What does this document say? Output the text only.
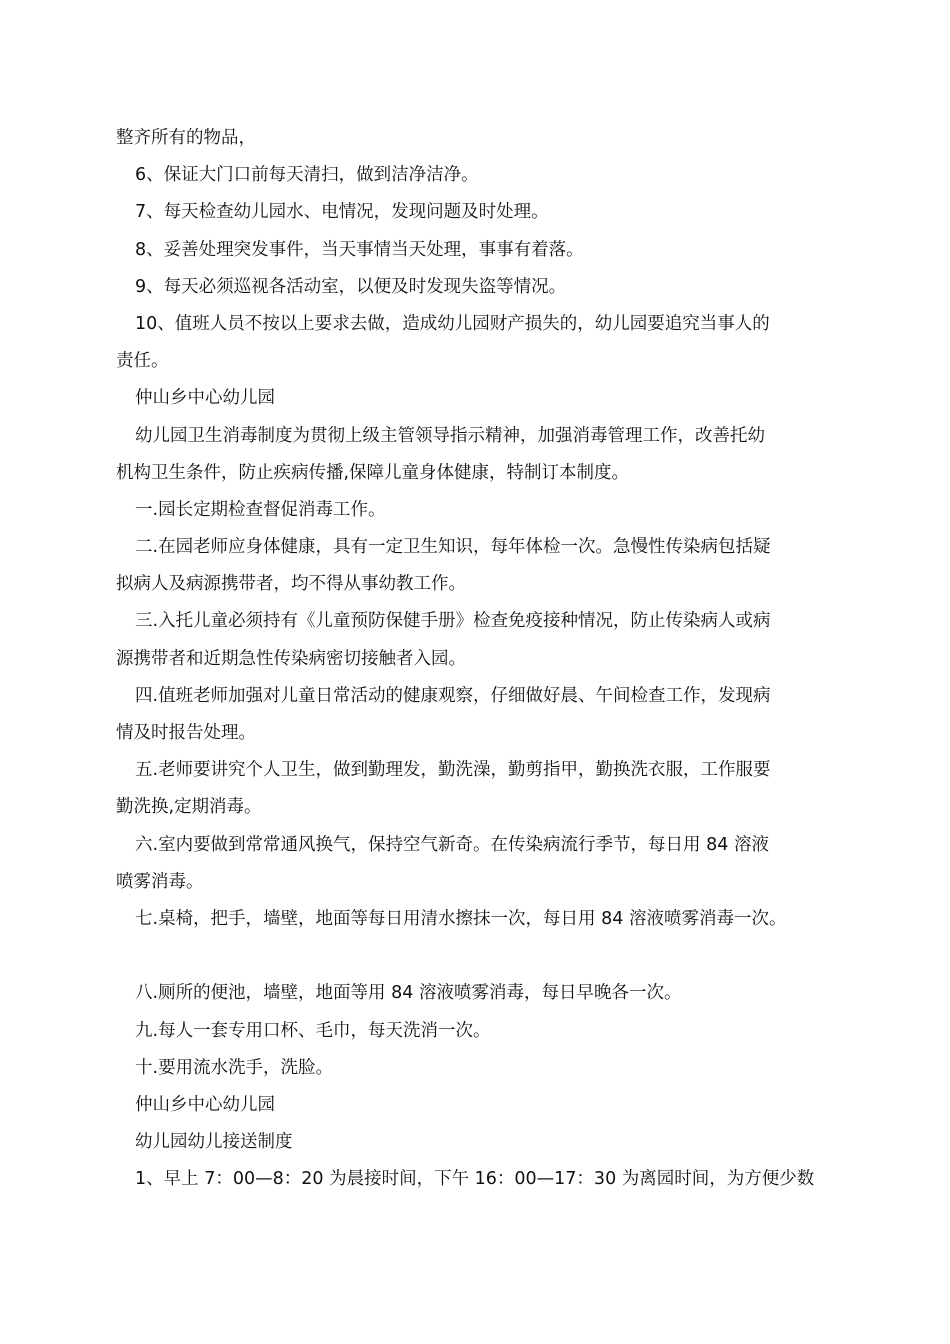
整齐所有的物品，

6、保证大门口前每天清扫，做到洁净洁净。

7、每天检查幼儿园水、电情况，发现问题及时处理。

8、妥善处理突发事件，当天事情当天处理，事事有着落。

9、每天必须巡视各活动室，以便及时发现失盗等情况。

10、值班人员不按以上要求去做，造成幼儿园财产损失的，幼儿园要追究当事人的

责任。

仲山乡中心幼儿园

幼儿园卫生消毒制度为贯彻上级主管领导指示精神，加强消毒管理工作，改善托幼

机构卫生条件，防止疾病传播,保障儿童身体健康，特制订本制度。

一.园长定期检查督促消毒工作。

二.在园老师应身体健康，具有一定卫生知识，每年体检一次。急慢性传染病包括疑

拟病人及病源携带者，均不得从事幼教工作。

三.入托儿童必须持有《儿童预防保健手册》检查免疫接种情况，防止传染病人或病

源携带者和近期急性传染病密切接触者入园。

四.值班老师加强对儿童日常活动的健康观察，仔细做好晨、午间检查工作，发现病

情及时报告处理。

五.老师要讲究个人卫生，做到勤理发，勤洗澡，勤剪指甲，勤换洗衣服，工作服要

勤洗换,定期消毒。

六.室内要做到常常通风换气，保持空气新奇。在传染病流行季节，每日用 84 溶液

喷雾消毒。

七.桌椅，把手，墙壁，地面等每日用清水擦抹一次，每日用 84 溶液喷雾消毒一次。

八.厕所的便池，墙壁，地面等用 84 溶液喷雾消毒，每日早晚各一次。

九.每人一套专用口杯、毛巾，每天洗消一次。

十.要用流水洗手，洗脸。

仲山乡中心幼儿园

幼儿园幼儿接送制度

1、早上 7：00—8：20 为晨接时间，下午 16：00—17：30 为离园时间，为方便少数
